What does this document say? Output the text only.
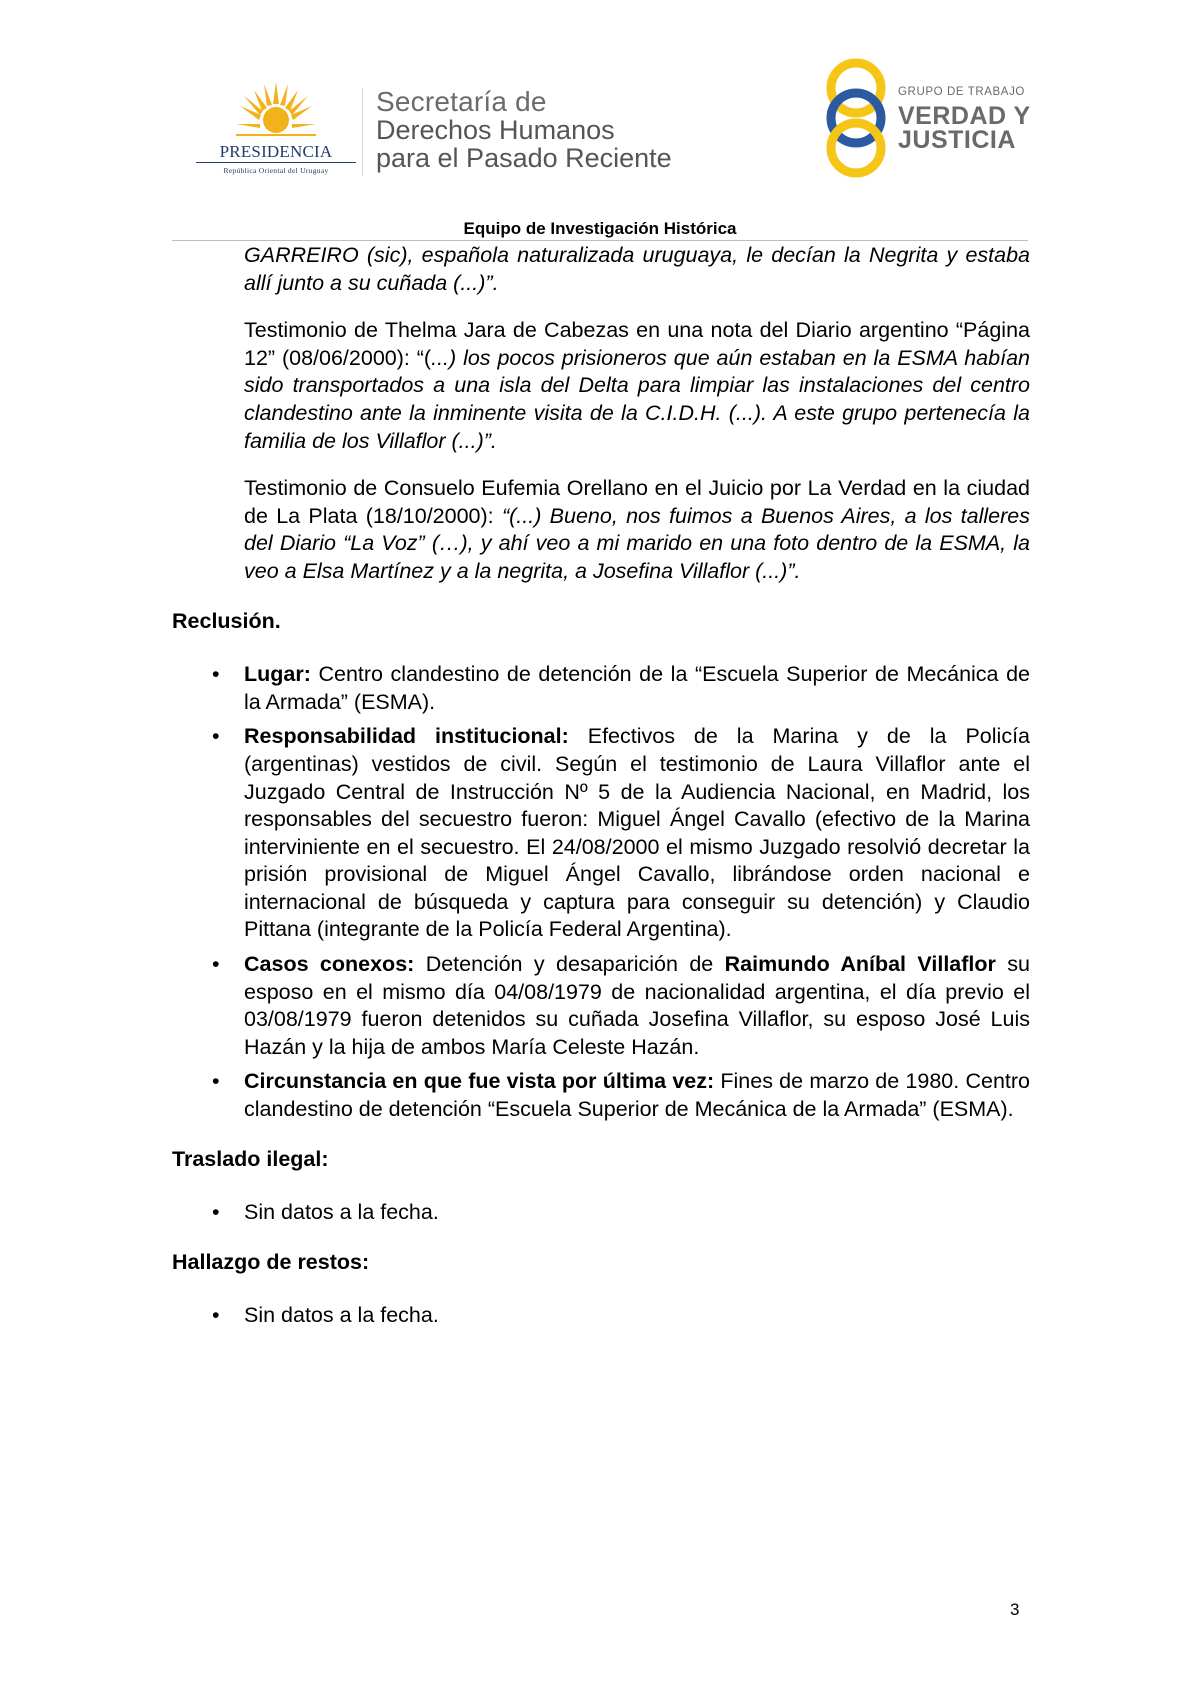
PRESIDENCIA
República Oriental del Uruguay
Secretaría de
Derechos Humanos
para el Pasado Reciente
GRUPO DE TRABAJO
VERDAD Y
JUSTICIA
Equipo de Investigación Histórica

GARREIRO (sic), española naturalizada uruguaya, le decían la Negrita y estaba allí junto a su cuñada (...)”.

Testimonio de Thelma Jara de Cabezas en una nota del Diario argentino “Página 12” (08/06/2000): “(...) los pocos prisioneros que aún estaban en la ESMA habían sido transportados a una isla del Delta para limpiar las instalaciones del centro clandestino ante la inminente visita de la C.I.D.H. (...). A este grupo pertenecía la familia de los Villaflor (...)”.

Testimonio de Consuelo Eufemia Orellano en el Juicio por La Verdad en la ciudad de La Plata (18/10/2000): “(...) Bueno, nos fuimos a Buenos Aires, a los talleres del Diario “La Voz” (…), y ahí veo a mi marido en una foto dentro de la ESMA, la veo a Elsa Martínez y a la negrita, a Josefina Villaflor (...)”.

Reclusión.
• Lugar: Centro clandestino de detención de la “Escuela Superior de Mecánica de la Armada” (ESMA).
• Responsabilidad institucional: Efectivos de la Marina y de la Policía (argentinas) vestidos de civil. Según el testimonio de Laura Villaflor ante el Juzgado Central de Instrucción Nº 5 de la Audiencia Nacional, en Madrid, los responsables del secuestro fueron: Miguel Ángel Cavallo (efectivo de la Marina interviniente en el secuestro. El 24/08/2000 el mismo Juzgado resolvió decretar la prisión provisional de Miguel Ángel Cavallo, librándose orden nacional e internacional de búsqueda y captura para conseguir su detención) y Claudio Pittana (integrante de la Policía Federal Argentina).
• Casos conexos: Detención y desaparición de Raimundo Aníbal Villaflor su esposo en el mismo día 04/08/1979 de nacionalidad argentina, el día previo el 03/08/1979 fueron detenidos su cuñada Josefina Villaflor, su esposo José Luis Hazán y la hija de ambos María Celeste Hazán.
• Circunstancia en que fue vista por última vez: Fines de marzo de 1980. Centro clandestino de detención “Escuela Superior de Mecánica de la Armada” (ESMA).
Traslado ilegal:
• Sin datos a la fecha.
Hallazgo de restos:
• Sin datos a la fecha.
3
